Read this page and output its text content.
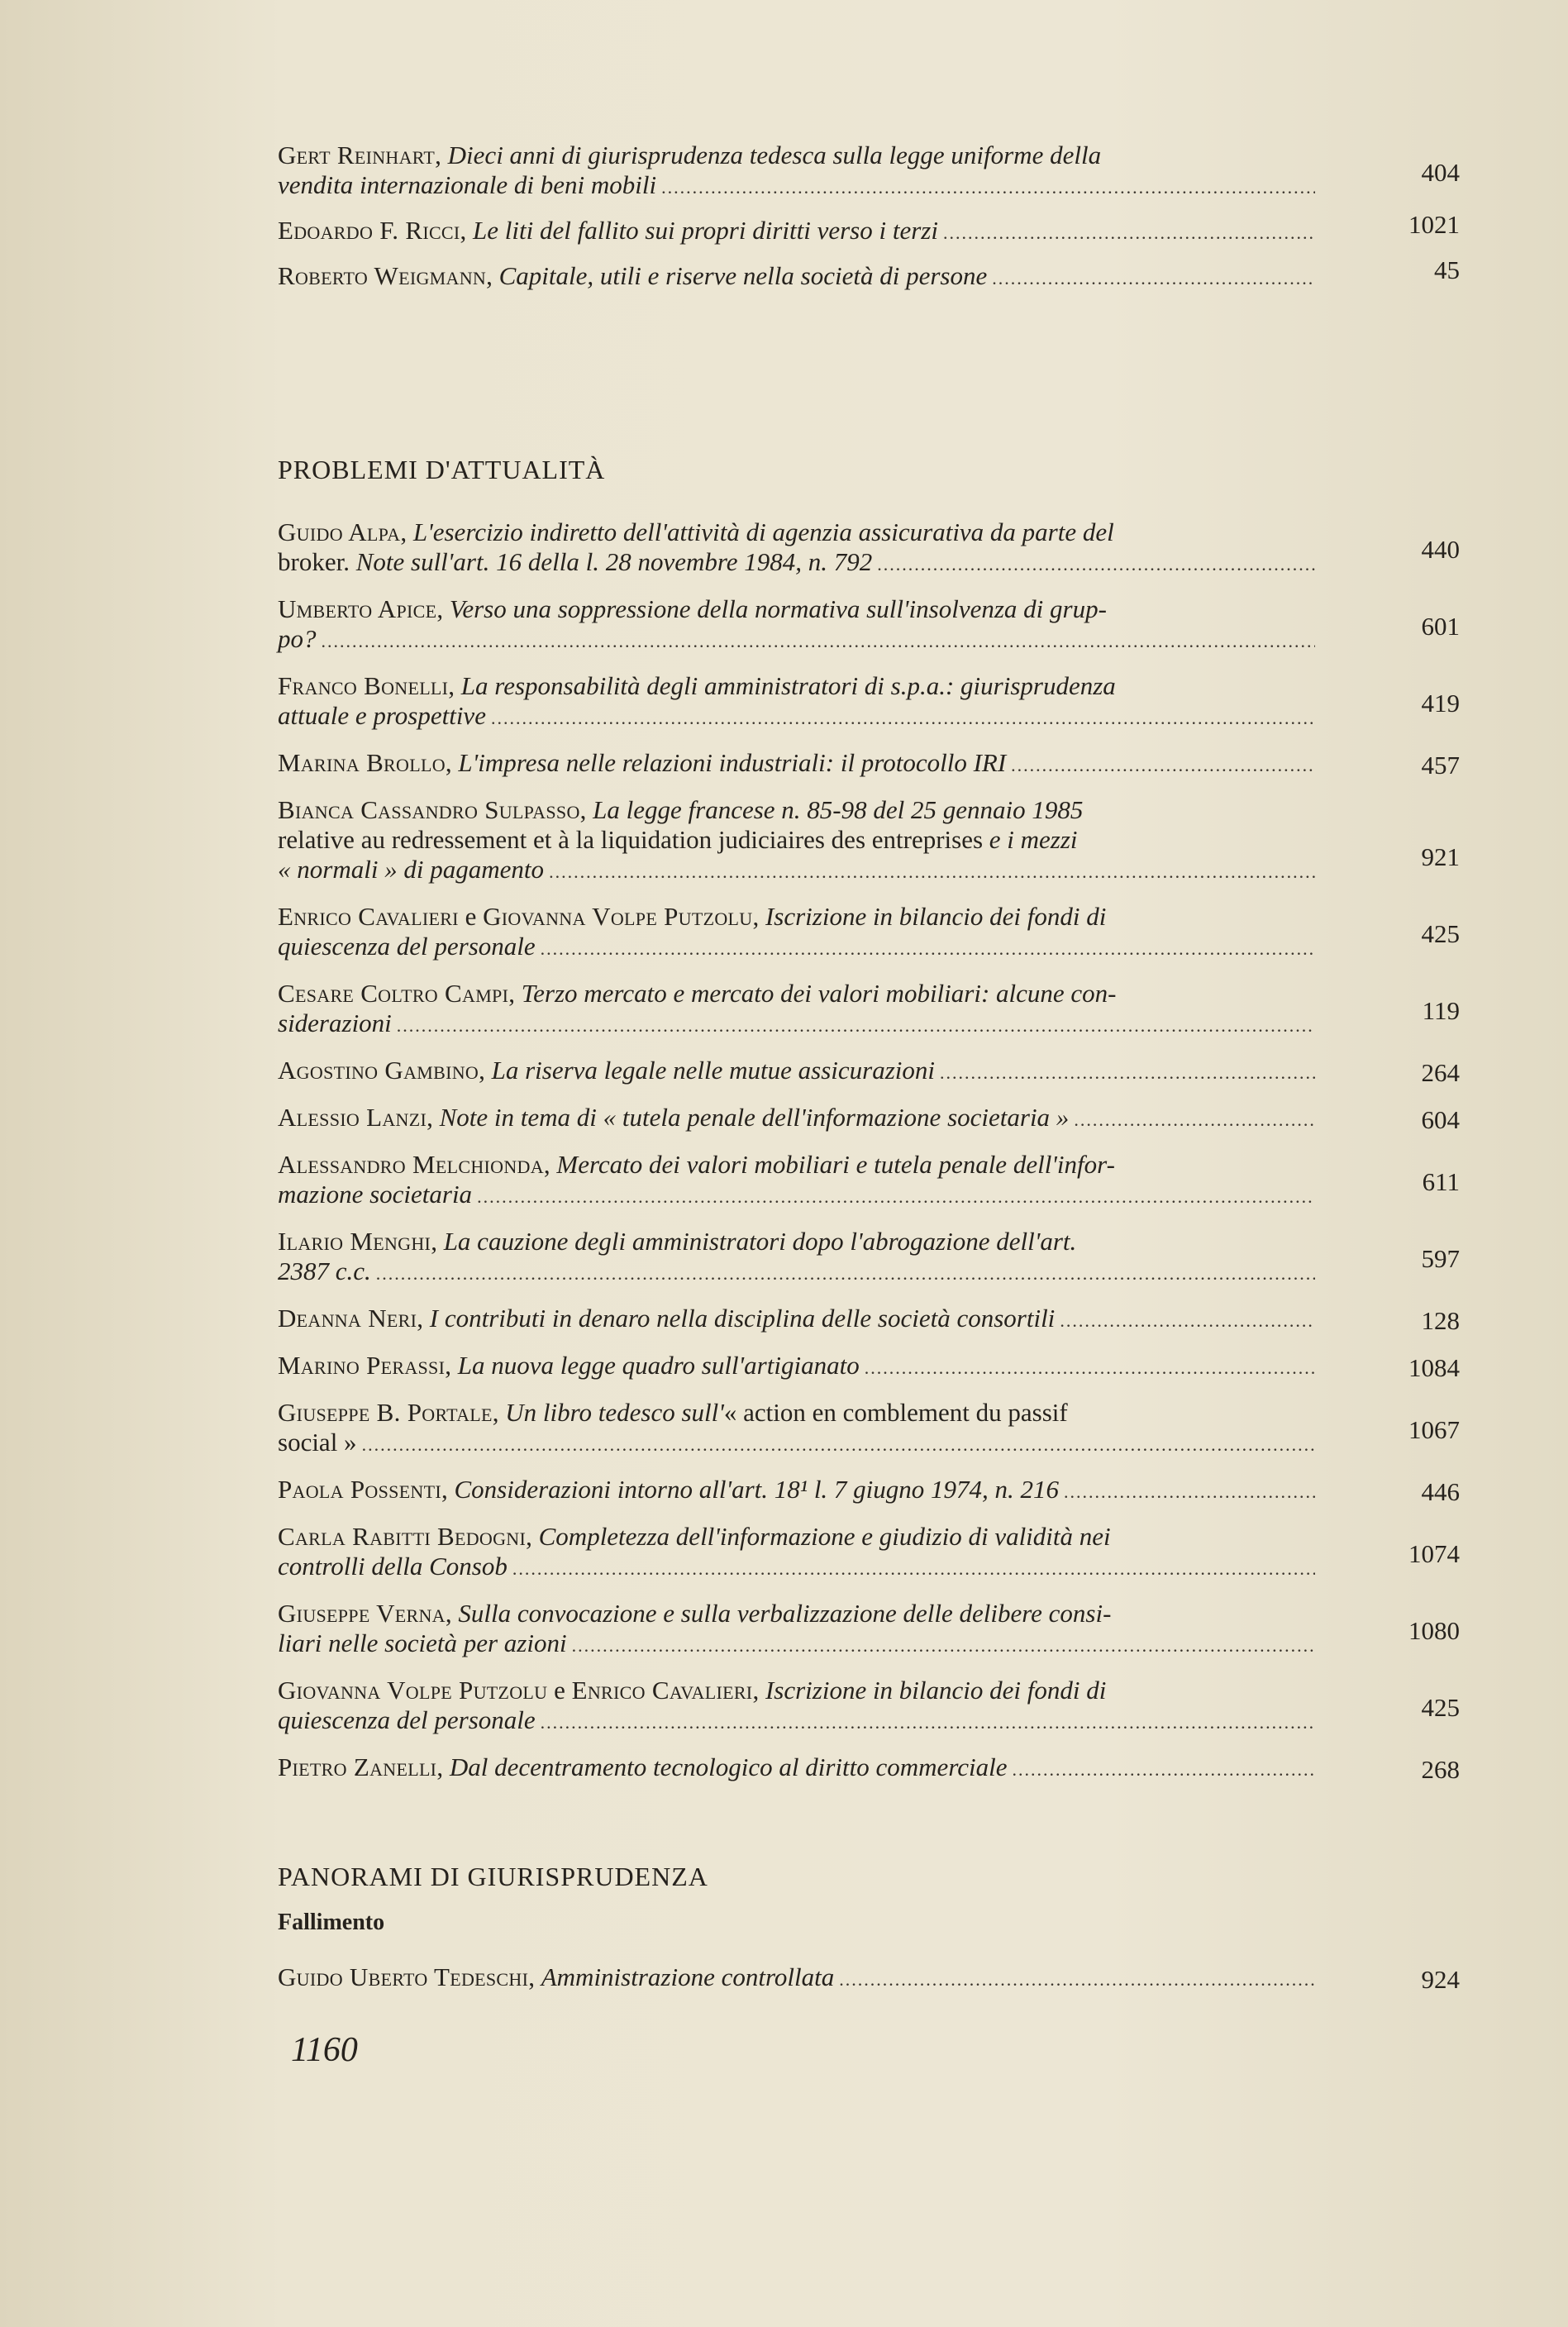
Gert Reinhart, Dieci anni di giurisprudenza tedesca sulla legge uniforme della
vendita internazionale di beni mobili
.....	404
Edoardo F. Ricci, Le liti del fallito sui propri diritti verso i terzi .....	1021
Roberto Weigmann, Capitale, utili e riserve nella società di persone .....	45
PROBLEMI D'ATTUALITÀ
Guido Alpa, L'esercizio indiretto dell'attività di agenzia assicurativa da parte del
broker. Note sull'art. 16 della l. 28 novembre 1984, n. 792
.....	440
Umberto Apice, Verso una soppressione della normativa sull'insolvenza di grup-
po?
.....	601
Franco Bonelli, La responsabilità degli amministratori di s.p.a.: giurisprudenza
attuale e prospettive
.....	419
Marina Brollo, L'impresa nelle relazioni industriali: il protocollo IRI .....	457
Bianca Cassandro Sulpasso, La legge francese n. 85-98 del 25 gennaio 1985
relative au redressement et à la liquidation judiciaires des entreprises e i mezzi
« normali » di pagamento
.....	921
Enrico Cavalieri e Giovanna Volpe Putzolu, Iscrizione in bilancio dei fondi di
quiescenza del personale
.....	425
Cesare Coltro Campi, Terzo mercato e mercato dei valori mobiliari: alcune con-
siderazioni
.....	119
Agostino Gambino, La riserva legale nelle mutue assicurazioni .....	264
Alessio Lanzi, Note in tema di « tutela penale dell'informazione societaria » .....	604
Alessandro Melchionda, Mercato dei valori mobiliari e tutela penale dell'infor-
mazione societaria
.....	611
Ilario Menghi, La cauzione degli amministratori dopo l'abrogazione dell'art.
2387 c.c.
.....	597
Deanna Neri, I contributi in denaro nella disciplina delle società consortili .....	128
Marino Perassi, La nuova legge quadro sull'artigianato .....	1084
Giuseppe B. Portale, Un libro tedesco sull'« action en comblement du passif
social »
.....	1067
Paola Possenti, Considerazioni intorno all'art. 18¹ l. 7 giugno 1974, n. 216 .....	446
Carla Rabitti Bedogni, Completezza dell'informazione e giudizio di validità nei
controlli della Consob
.....	1074
Giuseppe Verna, Sulla convocazione e sulla verbalizzazione delle delibere consi-
liari nelle società per azioni
.....	1080
Giovanna Volpe Putzolu e Enrico Cavalieri, Iscrizione in bilancio dei fondi di
quiescenza del personale
.....	425
Pietro Zanelli, Dal decentramento tecnologico al diritto commerciale .....	268
PANORAMI DI GIURISPRUDENZA
Fallimento
Guido Uberto Tedeschi, Amministrazione controllata .....	924
1160
